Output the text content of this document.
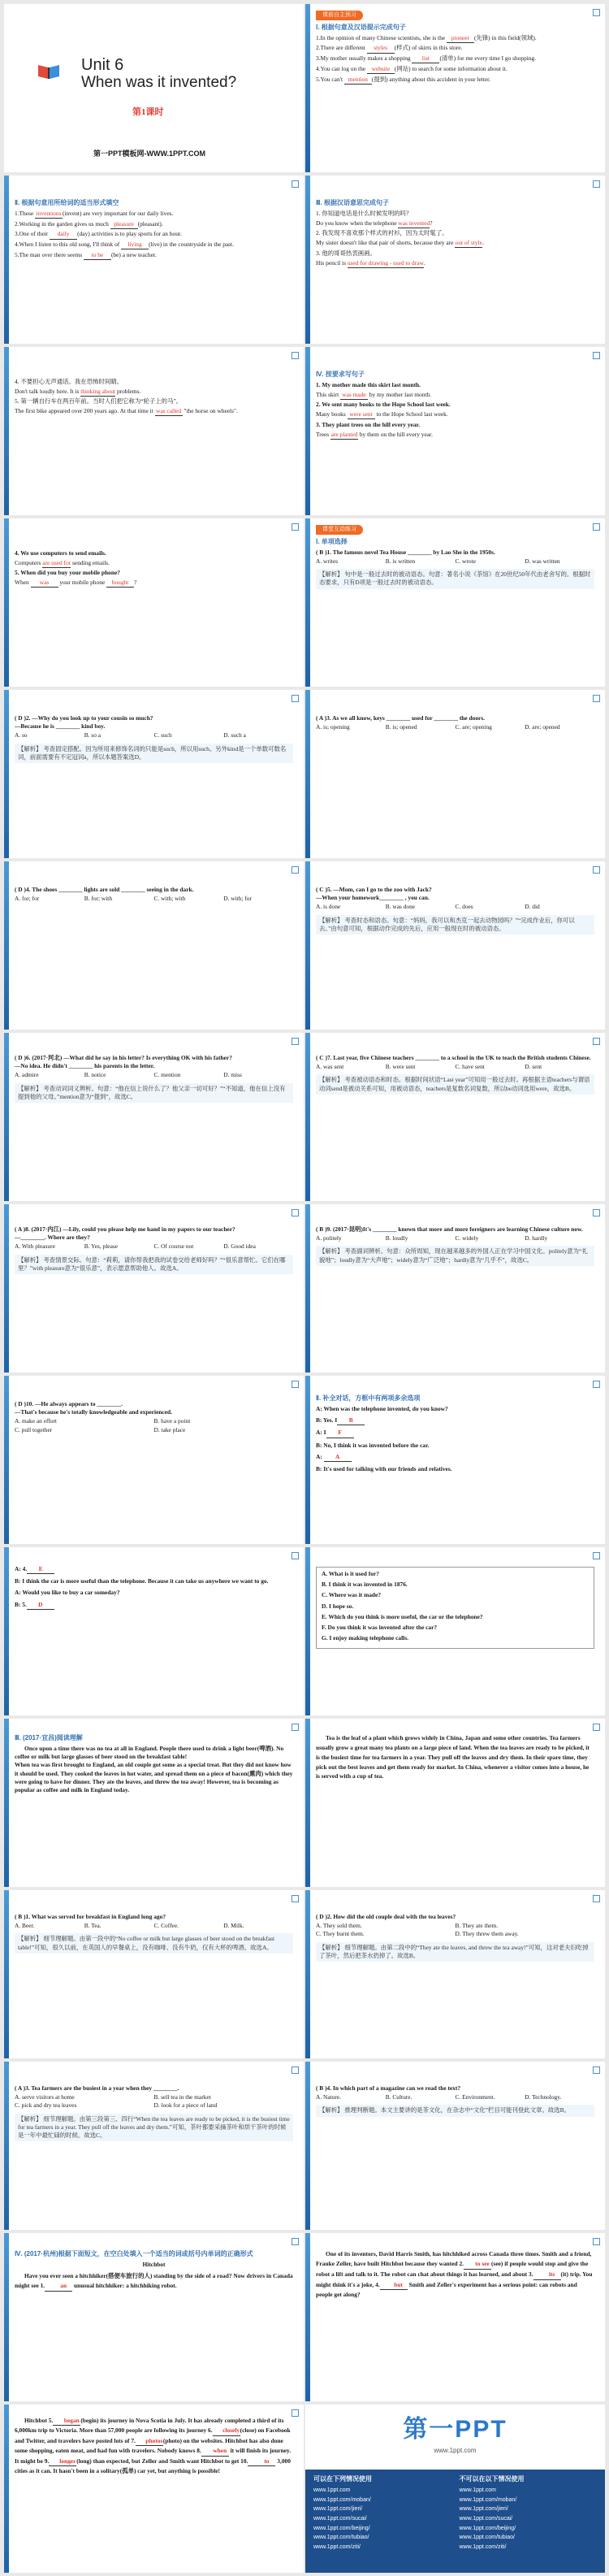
Unit 6
When was it invented?
第1课时
第一PPT模板网-WWW.1PPT.COM
课前自主预习
Ⅰ. 根据句意及汉语提示完成句子

1.In the opinion of many Chinese scientists, she is the pioneer (先锋) in this field(领域).

2.There are different styles (样式) of skirts in this store.

3.My mother usually makes a shopping list (清单) for me every time I go shopping.

4.You can log on the website (网站) to search for some information about it.

5.You can't mention (提到) anything about this accident in your letter.

Ⅱ. 根据句意用所给词的适当形式填空

1.These inventions (invent) are very important for our daily lives.

2.Working in the garden gives us much pleasure (pleasant).

3.One of their daily (day) activities is to play sports for an hour.

4.When I listen to this old song, I'll think of living (live) in the countryside in the past.

5.The man over there seems to be (be) a new teacher.

Ⅲ. 根据汉语意思完成句子

1. 你知道电话是什么时候发明的吗？

Do you know when the telephone was invented?

2. 我发现不喜欢那个样式的衬衫，因为太时髦了。

My sister doesn't like that pair of shorts, because they are out of style.

3. 他的哥哥热衷画画。

His pencil is used for drawing - used to draw.

4. 不要担心无声通话。我在恐怖时间睛。

Don't talk loudly here. It is thinking about problems.

5. 第一辆自行车在两百年前。当时人们把它称为“轮子上的马”。

The first bike appeared over 200 years ago. At that time it was called "the horse on wheels".

Ⅳ. 按要求写句子

1. My mother made this skirt last month.

This skirt was made by my mother last month.

2. We sent many books to the Hope School last week.

Many books were sent to the Hope School last week.

3. They plant trees on the hill every year.

Trees are planted by them on the hill every year.

4. We use computers to send emails.

Computers are used for sending emails.

5. When did you buy your mobile phone?

When was your mobile phone bought ?

课堂互动练习
Ⅰ. 单项选择

( B )1. The famous novel Tea House ________ by Lao She in the 1950s.

A. writes	B. is written	C. wrote	D. was written

【解析】 句中是一般过去时的被动语态。句意：著名小说《茶馆》在20世纪50年代由老舍写的。根据时态要求，只有D项是一般过去时的被动语态。

( D )2. —Why do you look up to your cousin so much?
—Because he is ________ kind boy.

A. so	B. so a	C. such	D. such a

【解析】 考查固定搭配。因为所用来修饰名词的只能是such，所以用such。另外kind是一个单数可数名词，前面需要有不定冠词a，所以本题答案选D。

( A )3. As we all know, keys ________ used for ________ the doors.

A. is; opening	B. is; opened	C. are; opening	D. are; opened

( D )4. The shoes ________ lights are sold ________ seeing in the dark.

A. for; for	B. for; with	C. with; with	D. with; for

( C )5. —Mom, can I go to the zoo with Jack?
—When your homework________ , you can.

A. is done	B. was done	C. does	D. did

【解析】 考查时态和语态。句意：“妈妈，我可以和杰克一起去动物园吗？”“完成作业后，你可以去。”由句意可知，根据动作完成的先后，应用一般现在时的被动语态。

( D )6. (2017·河北) —What did he say in his letter? Is everything OK with his father?
—No idea. He didn't ________ his parents in the letter.

A. admire	B. notice	C. mention	D. miss

【解析】 考查动词词义辨析。句意：“他在信上说什么了？他父亲一切可好？”“不知道，他在信上没有提到他的父母。”mention意为“提到”，故选C。

( C )7. Last year, five Chinese teachers ________ to a school in the UK to teach the British students Chinese.

A. was sent	B. were sent	C. have sent	D. sent

【解析】 考查被动语态和时态。根据时间状语“Last year”可知用一般过去时。再根据主语teachers与谓语动词send是被动关系可知，用被动语态，teachers是复数名词复数，所以be动词选用were，故选B。

( A )8. (2017·内江) —Lily, could you please help me hand in my papers to our teacher?
—________. Where are they?

A. With pleasure	B. Yes, please	C. Of course not	D. Good idea

【解析】 考查情景交际。句意：“莉莉，请你帮我把我的试卷交给老师好吗？”“很乐意帮忙。它们在哪里？”with pleasure意为“很乐意”，表示愿意帮助他人。故选A。

( B )9. (2017·昆明)It's ________ known that more and more foreigners are learning Chinese culture now.

A. politely	B. loudly	C. widely	D. hardly

【解析】 考查副词辨析。句意：众所周知，现在越来越多的外国人正在学习中国文化。politely意为“礼貌地”；loudly意为“大声地”；widely意为“广泛地”；hardly意为“几乎不”，故选C。

( D )10. —He always appears to ________.
—That's because he's totally knowledgeable and experienced.

A. make an effort	B. have a point
C. pull together	D. take place
Ⅱ. 补全对话，方框中有两项多余选项

A: When was the telephone invented, do you know?

B: Yes. I B

A: I F

B: No, I think it was invented before the car.

A: A

B: It's used for talking with our friends and relatives.

A: 4. E

B: I think the car is more useful than the telephone. Because it can take us anywhere we want to go.

A: Would you like to buy a car someday?

B: 5. D

A. What is it used for?

B. I think it was invented in 1876.

C. Where was it made?

D. I hope so.

E. Which do you think is more useful, the car or the telephone?

F. Do you think it was invented after the car?

G. I enjoy making telephone calls.

Ⅲ. (2017·宜昌)阅读理解

Once upon a time there was no tea at all in England. People there used to drink a light beer(啤酒). No coffee or milk but large glasses of beer stood on the breakfast table!
When tea was first brought to England, an old couple got some as a special treat. But they did not know how it should be used. They cooked the leaves in hot water, and spread them on a piece of bacon(熏肉) which they were going to have for dinner. They ate the leaves, and threw the tea away! However, tea is becoming as popular as coffee and milk in England today.

Tea is the leaf of a plant which grows widely in China, Japan and some other countries. Tea farmers usually grow a great many tea plants on a large piece of land. When the tea leaves are ready to be picked, it is the busiest time for tea farmers in a year. They pull off the leaves and dry them. In their spare time, they pick out the best leaves and get them ready for market. In China, whenever a visitor comes into a house, he is served with a cup of tea.

( B )1. What was served for breakfast in England long ago?

A. Beer.	B. Tea.	C. Coffee.	D. Milk.

【解析】 细节理解题。由第一段中的“No coffee or milk but large glasses of beer stood on the breakfast table!”可知，很久以前，在英国人的早餐桌上，没有咖啡、没有牛奶，仅有大杯的啤酒。故选A。

( D )2. How did the old couple deal with the tea leaves?

A. They sold them.	B. They ate them.
C. They burnt them.	D. They threw them away.

【解析】 细节理解题。由第二段中的“They ate the leaves, and threw the tea away!”可知，这对老夫妇吃掉了茶叶，然后把茶水扔掉了。故选B。

( A )3. Tea farmers are the busiest in a year when they ________.

A. serve visitors at home	B. sell tea in the market
C. pick and dry tea leaves	D. look for a piece of land

【解析】 细节理解题。由第三段第三、四行“When the tea leaves are ready to be picked, it is the busiest time for tea farmers in a year. They pull off the leaves and dry them.”可知，茶叶都要采摘茶叶和烘干茶叶的时候是一年中最忙碌的时候。故选C。

( B )4. In which part of a magazine can we read the text?

A. Nature.	B. Culture.	C. Environment.	D. Technology.

【解析】 推理判断题。本文主要讲的是茶文化，在杂志中“文化”栏目可能刊登此文章。故选B。

Ⅳ. (2017·杭州)根据下面短文，在空白处填入一个适当的词或括号内单词的正确形式
Hitchbot

Have you ever seen a hitchhiker(搭便车旅行的人) standing by the side of a road? Now drivers in Canada might see 1.	an unusual hitchhiker: a hitchhiking robot.

One of its inventors, David Harris Smith, has hitchhiked across Canada three times. Smith and a friend, Frauke Zeller, have built Hitchbot because they wanted 2. to see (see) if people would stop and give the robot a lift and talk to it. The robot can chat about things it has learned, and about 3.	its (it) trip. You might think it's a joke, 4. but Smith and Zeller's experiment has a serious point: can robots and people get along?

Hitchbot 5. began (begin) its journey in Nova Scotia in July. It has already completed a third of its 6,000km trip to Victoria. More than 57,000 people are following its journey 6. closely(close) on Facebook and Twitter, and travelers have posted lots of 7. photos(photo) on the websites. Hitchbot has also done some shopping, eaten meat, and had fun with travelers. Nobody knows 8. when it will finish its journey. It might be 9. longer(long) than expected, but Zeller and Smith want Hitchbot to get 10.	to 3,000 cities as it can. It hasn't been in a solitary(孤单) car yet, but anything is possible!

第一PPT
www.1ppt.com
可以在下列情况使用

www.1ppt.com

www.1ppt.com/moban/

www.1ppt.com/jieri/

www.1ppt.com/sucai/

www.1ppt.com/beijing/

www.1ppt.com/tubiao/

www.1ppt.com/ziti/

不可以在以下情况使用

www.1ppt.com

www.1ppt.com/moban/

www.1ppt.com/jieri/

www.1ppt.com/sucai/

www.1ppt.com/beijing/

www.1ppt.com/tubiao/

www.1ppt.com/ziti/
